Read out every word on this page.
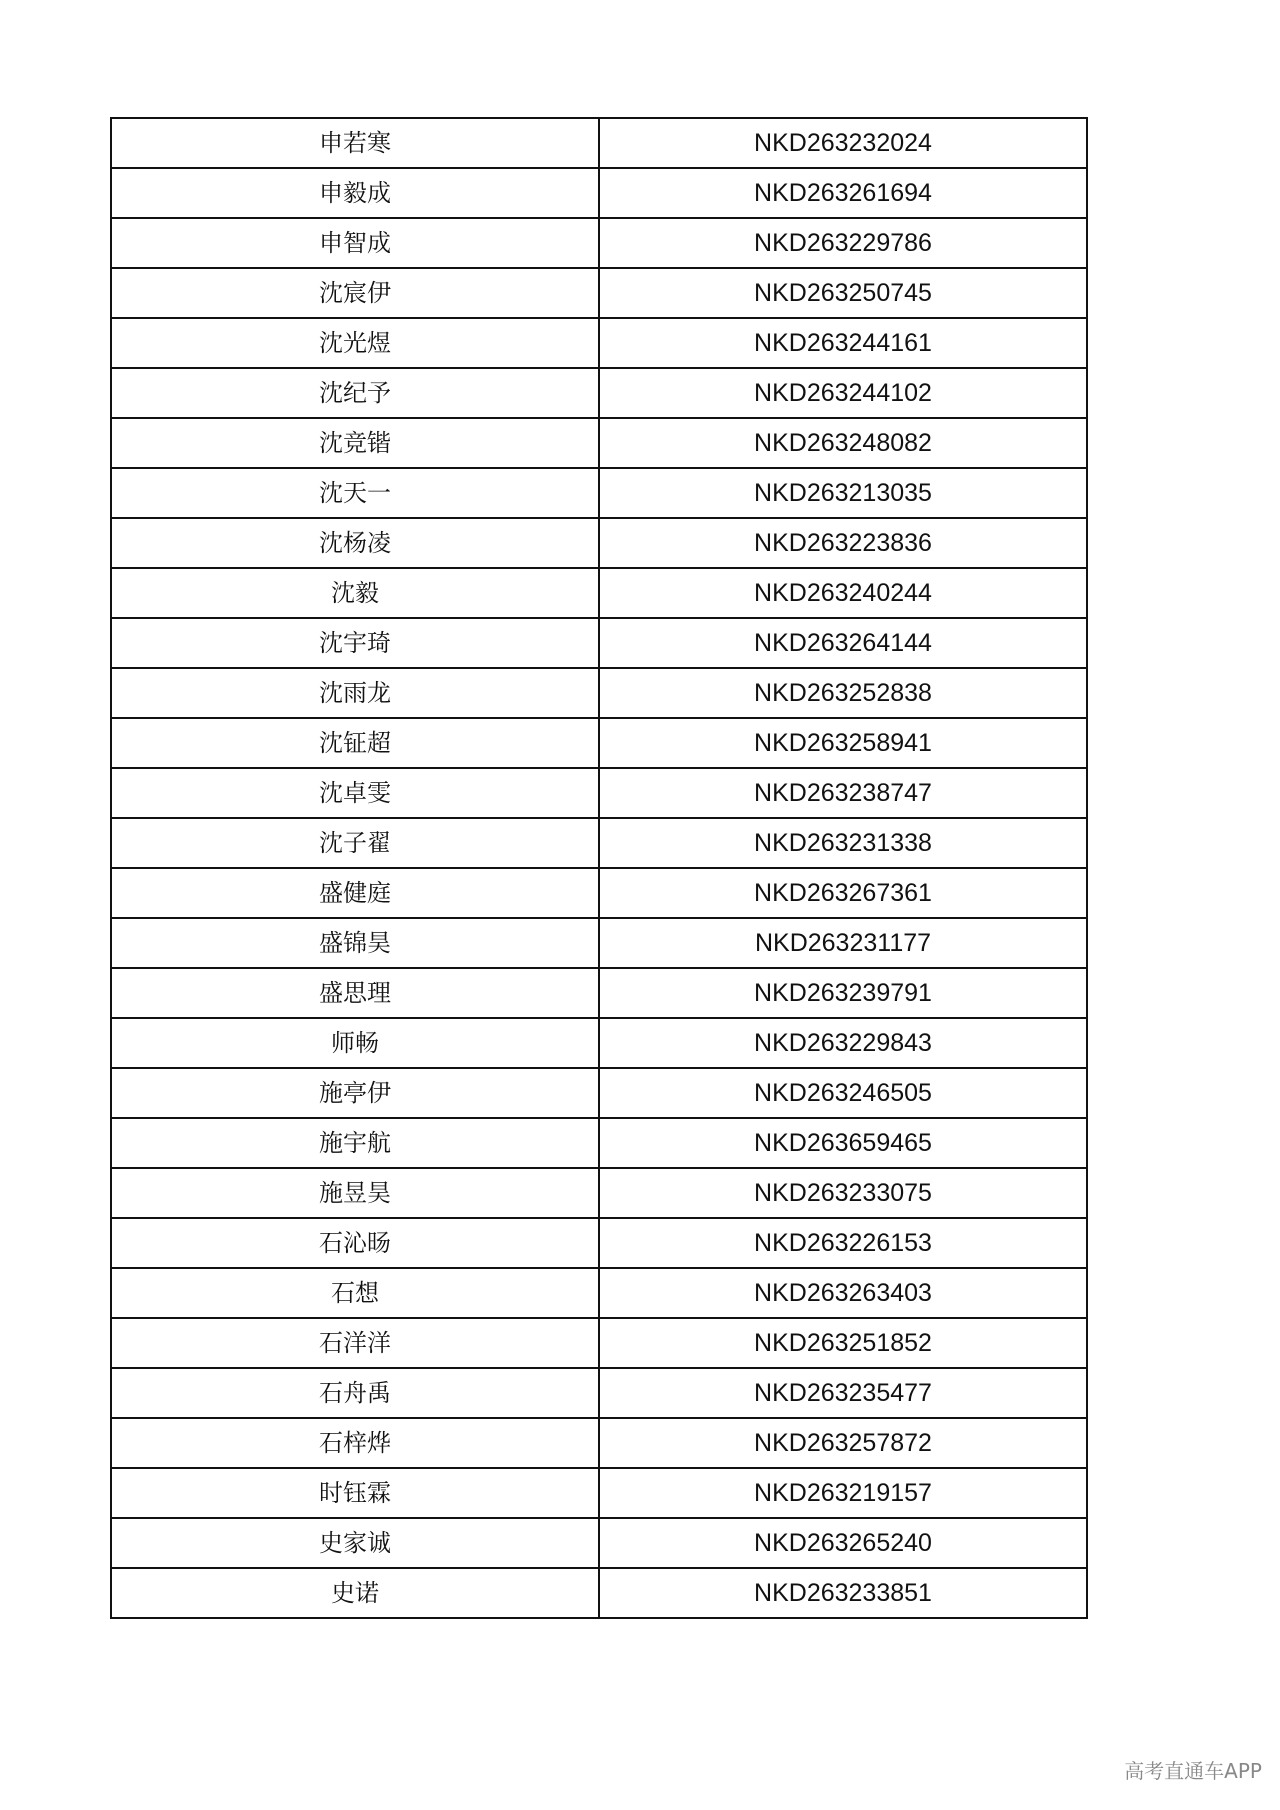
申若寒	NKD263232024
申毅成	NKD263261694
申智成	NKD263229786
沈宸伊	NKD263250745
沈光煜	NKD263244161
沈纪予	NKD263244102
沈竞锴	NKD263248082
沈天一	NKD263213035
沈杨凌	NKD263223836
沈毅	NKD263240244
沈宇琦	NKD263264144
沈雨龙	NKD263252838
沈钲超	NKD263258941
沈卓雯	NKD263238747
沈子翟	NKD263231338
盛健庭	NKD263267361
盛锦昊	NKD263231177
盛思理	NKD263239791
师畅	NKD263229843
施亭伊	NKD263246505
施宇航	NKD263659465
施昱昊	NKD263233075
石沁旸	NKD263226153
石想	NKD263263403
石洋洋	NKD263251852
石舟禹	NKD263235477
石梓烨	NKD263257872
时钰霖	NKD263219157
史家诚	NKD263265240
史诺	NKD263233851
高考直通车APP
